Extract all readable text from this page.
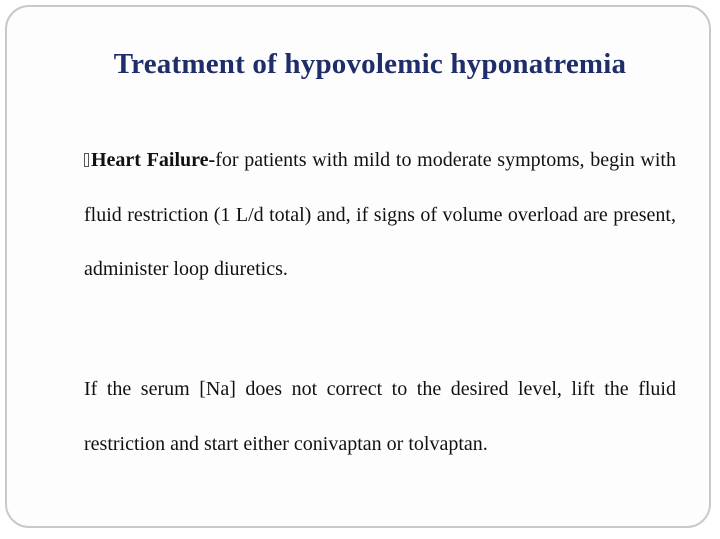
Treatment of hypovolemic hyponatremia

Heart Failure-for patients with mild to moderate symptoms, begin with fluid restriction (1 L/d total) and, if signs of volume overload are present, administer loop diuretics.

If the serum [Na] does not correct to the desired level, lift the fluid restriction and start either conivaptan or tolvaptan.
